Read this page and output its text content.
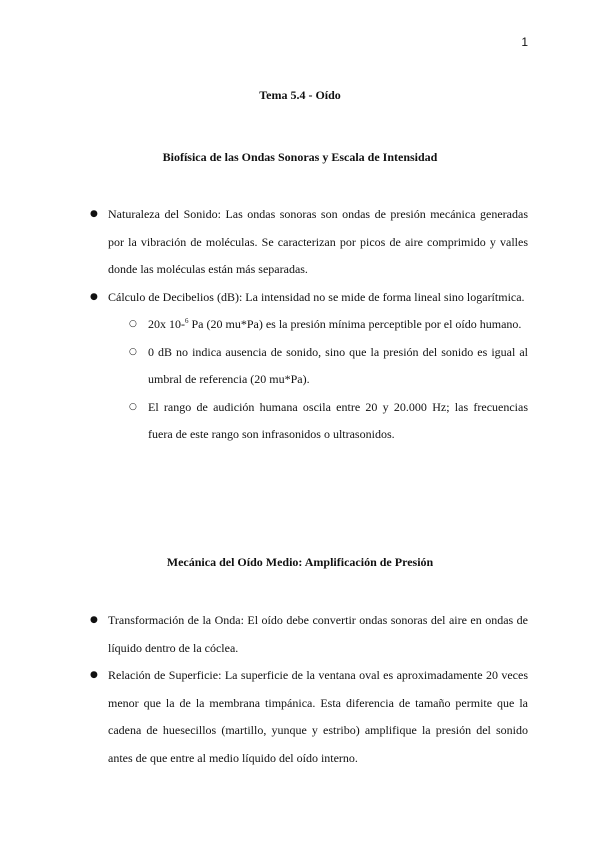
1
Tema 5.4 - Oído
Biofísica de las Ondas Sonoras y Escala de Intensidad
● Naturaleza del Sonido: Las ondas sonoras son ondas de presión mecánica generadas por la vibración de moléculas. Se caracterizan por picos de aire comprimido y valles donde las moléculas están más separadas.
● Cálculo de Decibelios (dB): La intensidad no se mide de forma lineal sino logarítmica.
○ 20x 10-$^6$ Pa (20 mu*Pa) es la presión mínima perceptible por el oído humano.
○ 0 dB no indica ausencia de sonido, sino que la presión del sonido es igual al umbral de referencia (20 mu*Pa).
○ El rango de audición humana oscila entre 20 y 20.000 Hz; las frecuencias fuera de este rango son infrasonidos o ultrasonidos.
Mecánica del Oído Medio: Amplificación de Presión
● Transformación de la Onda: El oído debe convertir ondas sonoras del aire en ondas de líquido dentro de la cóclea.
● Relación de Superficie: La superficie de la ventana oval es aproximadamente 20 veces menor que la de la membrana timpánica. Esta diferencia de tamaño permite que la cadena de huesecillos (martillo, yunque y estribo) amplifique la presión del sonido antes de que entre al medio líquido del oído interno.
